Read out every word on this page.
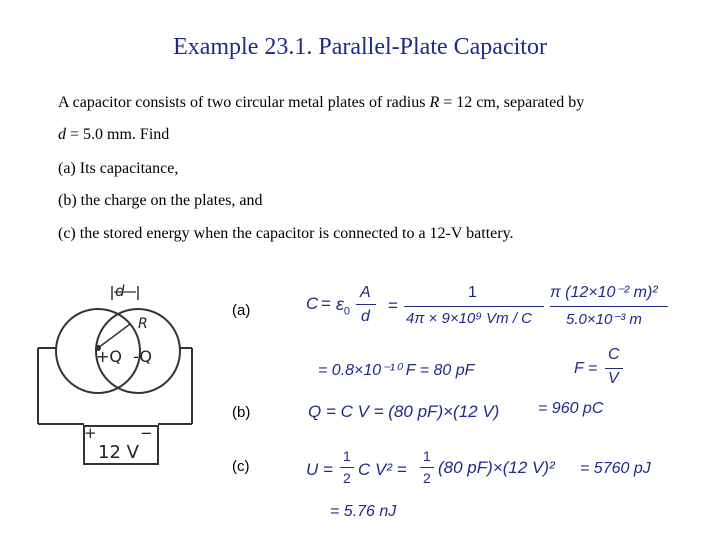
Example 23.1. Parallel-Plate Capacitor
A capacitor consists of two circular metal plates of radius R = 12 cm, separated by
d = 5.0 mm. Find
(a) Its capacitance,
(b) the charge on the plates, and
(c) the stored energy when the capacitor is connected to a 12-V battery.
d
R
+Q -Q
+	−
12 V
(a)
(b)
(c)
$C = \varepsilon_0$
A
d
=
1
4π × 9×10⁹ Vm / C
π (12×10⁻² m)²
5.0×10⁻³ m
= 0.8×10⁻¹⁰ F = 80 pF	F =
C
V
Q = C V = (80 pF)×(12 V) = 960 pC
U =
1
2 C V² =
1
2
(80 pF)×(12 V)² = 5760 pJ
= 5.76 nJ
